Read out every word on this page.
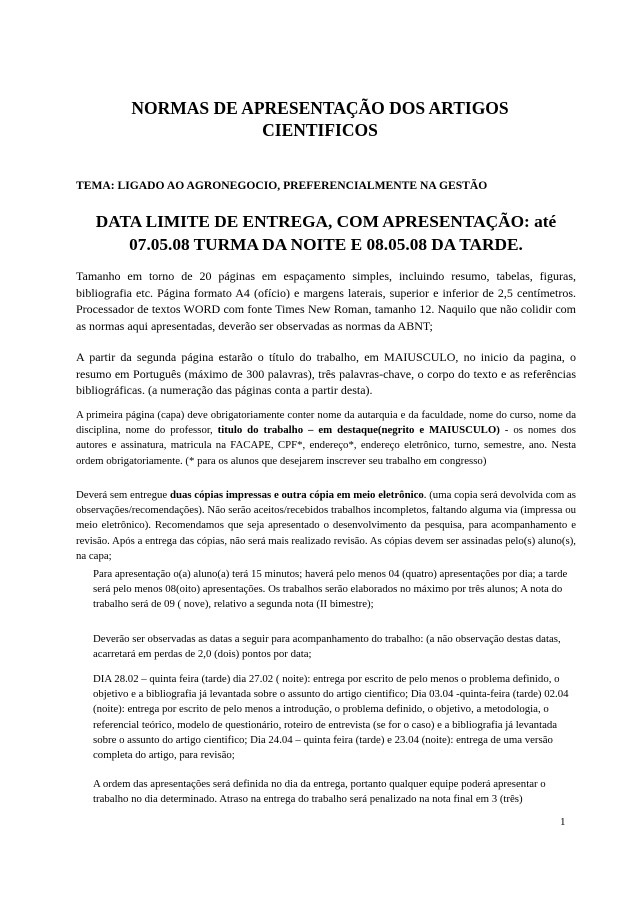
NORMAS DE APRESENTAÇÃO DOS ARTIGOS
CIENTIFICOS
TEMA: LIGADO AO AGRONEGOCIO, PREFERENCIALMENTE NA GESTÃO
DATA LIMITE DE ENTREGA, COM APRESENTAÇÃO: até
07.05.08 TURMA DA NOITE E 08.05.08 DA TARDE.
Tamanho em torno de 20 páginas em espaçamento simples, incluindo resumo, tabelas, figuras, bibliografia etc. Página formato A4 (ofício) e margens laterais, superior e inferior de 2,5 centímetros. Processador de textos WORD com fonte Times New Roman, tamanho 12. Naquilo que não colidir com as normas aqui apresentadas, deverão ser observadas as normas da ABNT;
A partir da segunda página estarão o título do trabalho, em MAIUSCULO, no inicio da pagina, o resumo em Português (máximo de 300 palavras), três palavras-chave, o corpo do texto e as referências bibliográficas. (a numeração das páginas conta a partir desta).
A primeira página (capa) deve obrigatoriamente conter nome da autarquia e da faculdade, nome do curso, nome da disciplina, nome do professor, titulo do trabalho – em destaque(negrito e MAIUSCULO) - os nomes dos autores e assinatura, matricula na FACAPE, CPF*, endereço*, endereço eletrônico, turno, semestre, ano. Nesta ordem obrigatoriamente. (* para os alunos que desejarem inscrever seu trabalho em congresso)
Deverá sem entregue duas cópias impressas e outra cópia em meio eletrônico. (uma copia será devolvida com as observações/recomendações). Não serão aceitos/recebidos trabalhos incompletos, faltando alguma via (impressa ou meio eletrônico). Recomendamos que seja apresentado o desenvolvimento da pesquisa, para acompanhamento e revisão. Após a entrega das cópias, não será mais realizado revisão. As cópias devem ser assinadas pelo(s) aluno(s), na capa;
Para apresentação o(a) aluno(a) terá 15 minutos; haverá pelo menos 04 (quatro) apresentações por dia; a tarde será pelo menos 08(oito) apresentações. Os trabalhos serão elaborados no máximo por três alunos; A nota do trabalho será de 09 ( nove), relativo a segunda nota (II bimestre);
Deverão ser observadas as datas a seguir para acompanhamento do trabalho: (a não observação destas datas, acarretará em perdas de 2,0 (dois) pontos por data;
DIA 28.02 – quinta feira (tarde) dia 27.02 ( noite): entrega por escrito de pelo menos o problema definido, o objetivo e a bibliografia já levantada sobre o assunto do artigo cientifico; Dia 03.04 -quinta-feira (tarde) 02.04 (noite): entrega por escrito de pelo menos a introdução, o problema definido, o objetivo, a metodologia, o referencial teórico, modelo de questionário, roteiro de entrevista (se for o caso) e a bibliografia já levantada sobre o assunto do artigo cientifico; Dia 24.04 – quinta feira (tarde) e 23.04 (noite): entrega de uma versão completa do artigo, para revisão;
A ordem das apresentações será definida no dia da entrega, portanto qualquer equipe poderá apresentar o trabalho no dia determinado. Atraso na entrega do trabalho será penalizado na nota final em 3 (três)
1
